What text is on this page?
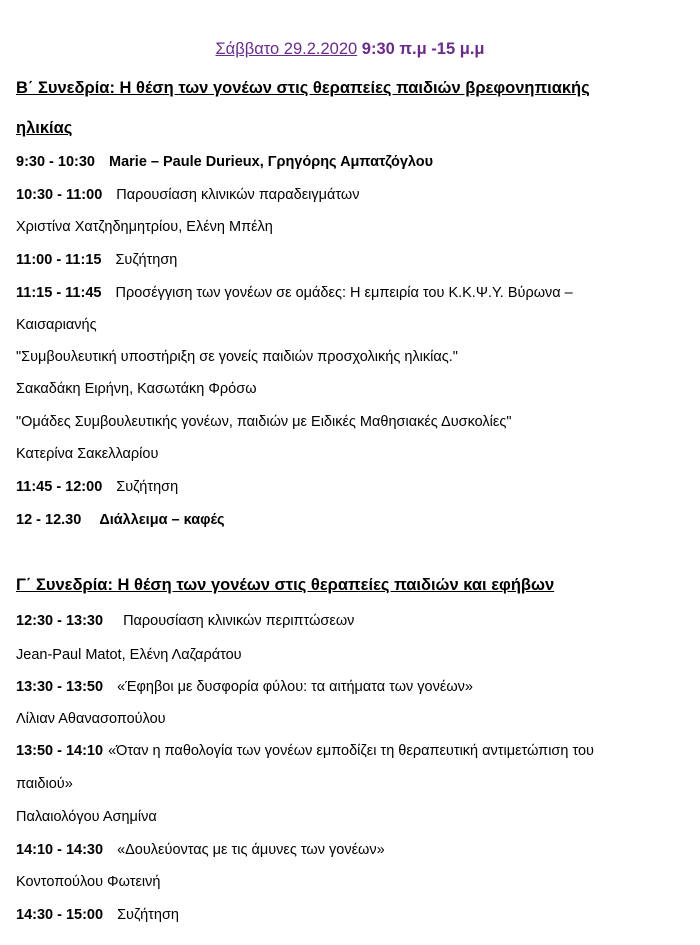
Σάββατο 29.2.2020 9:30 π.μ -15 μ.μ
Β΄ Συνεδρία: Η θέση των γονέων στις θεραπείες παιδιών βρεφονηπιακής
ηλικίας
9:30 - 10:30 Marie – Paule Durieux, Γρηγόρης Αμπατζόγλου
10:30 - 11:00 Παρουσίαση κλινικών παραδειγμάτων
Χριστίνα Χατζηδημητρίου, Ελένη Μπέλη
11:00 - 11:15 Συζήτηση
11:15 - 11:45 Προσέγγιση των γονέων σε ομάδες: Η εμπειρία του Κ.Κ.Ψ.Υ. Βύρωνα –
Καισαριανής
"Συμβουλευτική υποστήριξη σε γονείς παιδιών προσχολικής ηλικίας."
Σακαδάκη Ειρήνη, Κασωτάκη Φρόσω
"Ομάδες Συμβουλευτικής γονέων, παιδιών με Ειδικές Μαθησιακές Δυσκολίες"
Κατερίνα Σακελλαρίου
11:45 - 12:00 Συζήτηση
12 - 12.30 Διάλλειμα – καφές
Γ΄ Συνεδρία: Η θέση των γονέων στις θεραπείες παιδιών και εφήβων
12:30 - 13:30 Παρουσίαση κλινικών περιπτώσεων
Jean-Paul Matot, Ελένη Λαζαράτου
13:30 - 13:50 «Έφηβοι με δυσφορία φύλου: τα αιτήματα των γονέων»
Λίλιαν Αθανασοπούλου
13:50 - 14:10 «Όταν η παθολογία των γονέων εμποδίζει τη θεραπευτική αντιμετώπιση του
παιδιού»
Παλαιολόγου Ασημίνα
14:10 - 14:30 «Δουλεύοντας με τις άμυνες των γονέων»
Κοντοπούλου Φωτεινή
14:30 - 15:00 Συζήτηση
